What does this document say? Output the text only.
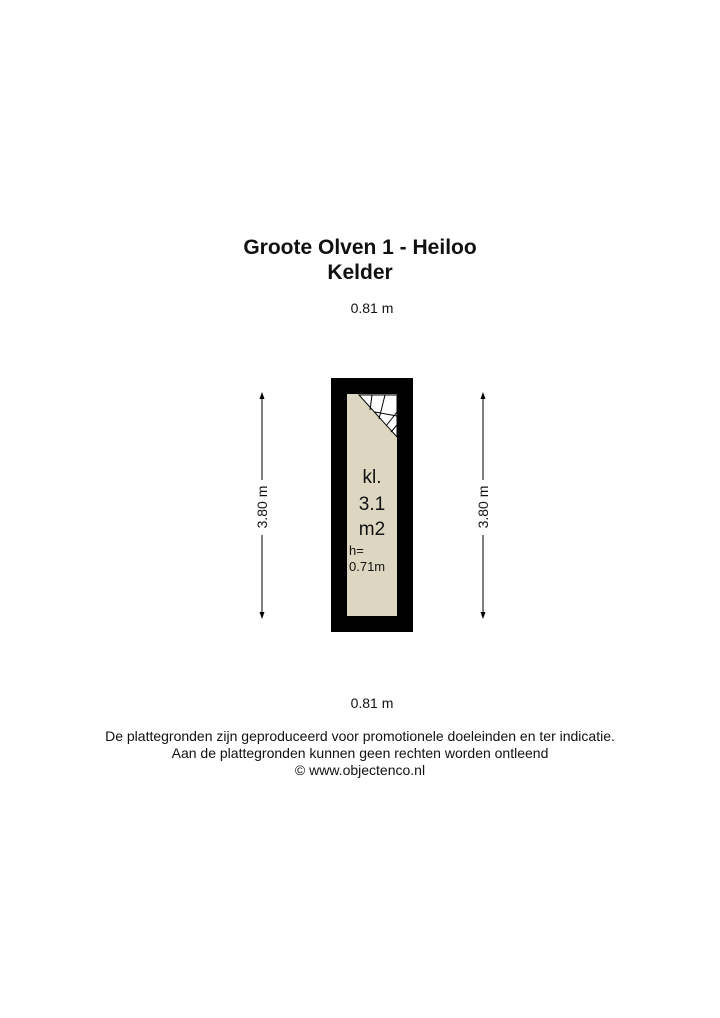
Groote Olven 1 - Heiloo
Kelder
0.81 m
3.80 m	3.80 m
kl.
3.1
m2
h=
0.71m
0.81 m
De plattegronden zijn geproduceerd voor promotionele doeleinden en ter indicatie.
Aan de plattegronden kunnen geen rechten worden ontleend
© www.objectenco.nl
